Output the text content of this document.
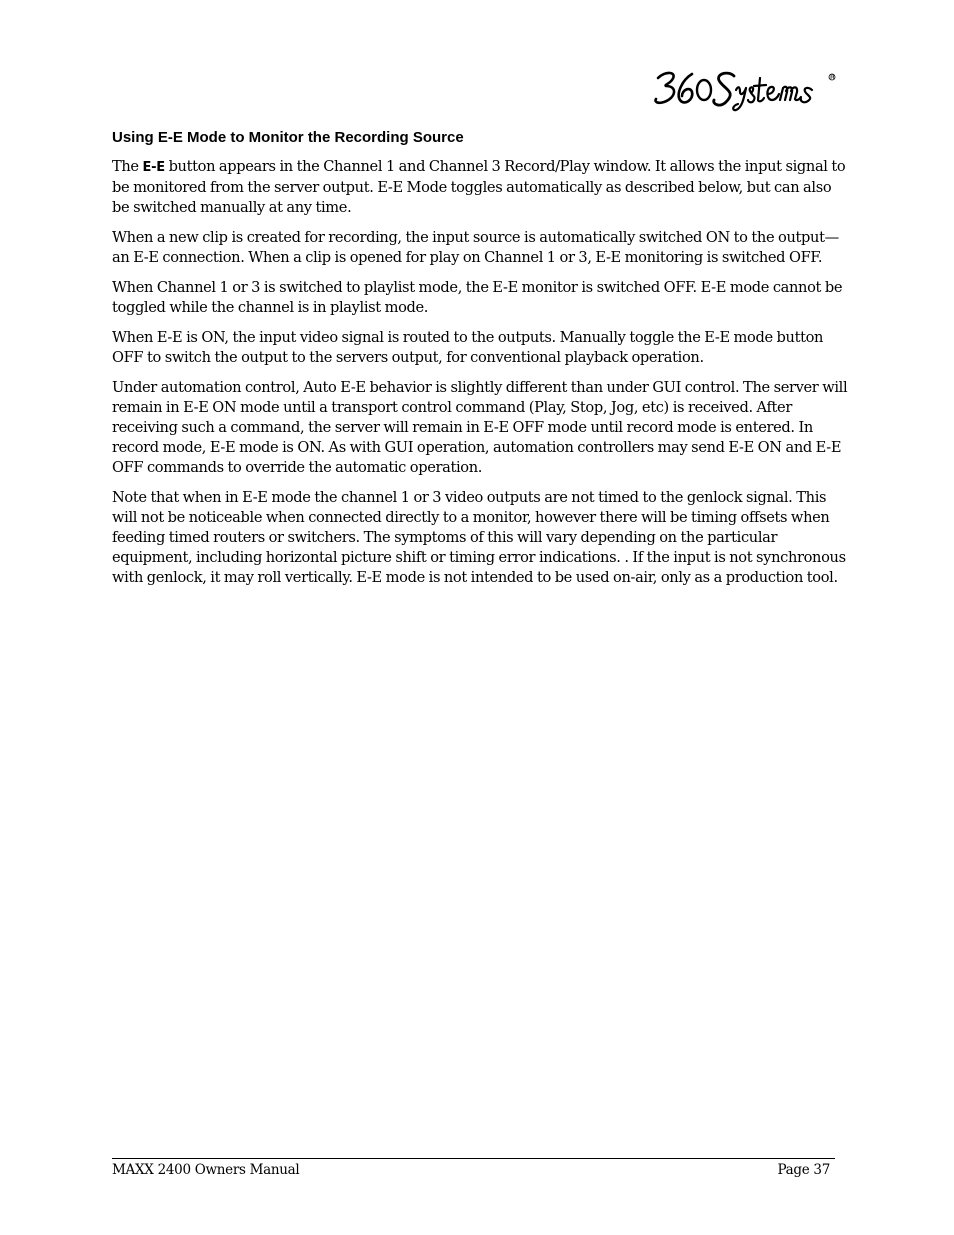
Using E-E Mode to Monitor the Recording Source

The E-E button appears in the Channel 1 and Channel 3 Record/Play window. It allows the input signal to be monitored from the server output. E-E Mode toggles automatically as described below, but can also be switched manually at any time.

When a new clip is created for recording, the input source is automatically switched ON to the output—an E-E connection. When a clip is opened for play on Channel 1 or 3, E-E monitoring is switched OFF.

When Channel 1 or 3 is switched to playlist mode, the E-E monitor is switched OFF. E-E mode cannot be toggled while the channel is in playlist mode.

When E-E is ON, the input video signal is routed to the outputs. Manually toggle the E-E mode button OFF to switch the output to the servers output, for conventional playback operation.

Under automation control, Auto E-E behavior is slightly different than under GUI control. The server will remain in E-E ON mode until a transport control command (Play, Stop, Jog, etc) is received. After receiving such a command, the server will remain in E-E OFF mode until record mode is entered. In record mode, E-E mode is ON. As with GUI operation, automation controllers may send E-E ON and E-E OFF commands to override the automatic operation.

Note that when in E-E mode the channel 1 or 3 video outputs are not timed to the genlock signal. This will not be noticeable when connected directly to a monitor, however there will be timing offsets when feeding timed routers or switchers. The symptoms of this will vary depending on the particular equipment, including horizontal picture shift or timing error indications. . If the input is not synchronous with genlock, it may roll vertically. E-E mode is not intended to be used on-air, only as a production tool.

MAXX 2400 Owners Manual	Page 37
